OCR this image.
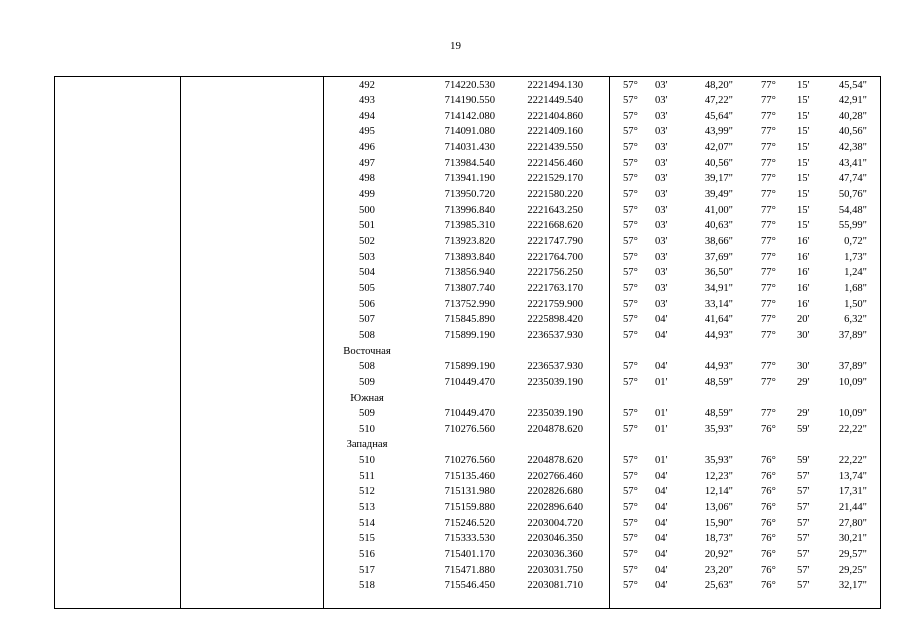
19
492	714220.530	2221494.130	57° 03'	48,20"	77° 15'	45,54"
493	714190.550	2221449.540	57° 03'	47,22"	77° 15'	42,91"
494	714142.080	2221404.860	57° 03'	45,64"	77° 15'	40,28"
495	714091.080	2221409.160	57° 03'	43,99"	77° 15'	40,56"
496	714031.430	2221439.550	57° 03'	42,07"	77° 15'	42,38"
497	713984.540	2221456.460	57° 03'	40,56"	77° 15'	43,41"
498	713941.190	2221529.170	57° 03'	39,17"	77° 15'	47,74"
499	713950.720	2221580.220	57° 03'	39,49"	77° 15'	50,76"
500	713996.840	2221643.250	57° 03'	41,00"	77° 15'	54,48"
501	713985.310	2221668.620	57° 03'	40,63"	77° 15'	55,99"
502	713923.820	2221747.790	57° 03'	38,66"	77° 16'	0,72"
503	713893.840	2221764.700	57° 03'	37,69"	77° 16'	1,73"
504	713856.940	2221756.250	57° 03'	36,50"	77° 16'	1,24"
505	713807.740	2221763.170	57° 03'	34,91"	77° 16'	1,68"
506	713752.990	2221759.900	57° 03'	33,14"	77° 16'	1,50"
507	715845.890	2225898.420	57° 04'	41,64"	77° 20'	6,32"
508	715899.190	2236537.930	57° 04'	44,93"	77° 30'	37,89"
Восточная
508	715899.190	2236537.930	57° 04'	44,93"	77° 30'	37,89"
509	710449.470	2235039.190	57° 01'	48,59"	77° 29'	10,09"
Южная
509	710449.470	2235039.190	57° 01'	48,59"	77° 29'	10,09"
510	710276.560	2204878.620	57° 01'	35,93"	76° 59'	22,22"
Западная
510	710276.560	2204878.620	57° 01'	35,93"	76° 59'	22,22"
511	715135.460	2202766.460	57° 04'	12,23"	76° 57'	13,74"
512	715131.980	2202826.680	57° 04'	12,14"	76° 57'	17,31"
513	715159.880	2202896.640	57° 04'	13,06"	76° 57'	21,44"
514	715246.520	2203004.720	57° 04'	15,90"	76° 57'	27,80"
515	715333.530	2203046.350	57° 04'	18,73"	76° 57'	30,21"
516	715401.170	2203036.360	57° 04'	20,92"	76° 57'	29,57"
517	715471.880	2203031.750	57° 04'	23,20"	76° 57'	29,25"
518	715546.450	2203081.710	57° 04'	25,63"	76° 57'	32,17"
